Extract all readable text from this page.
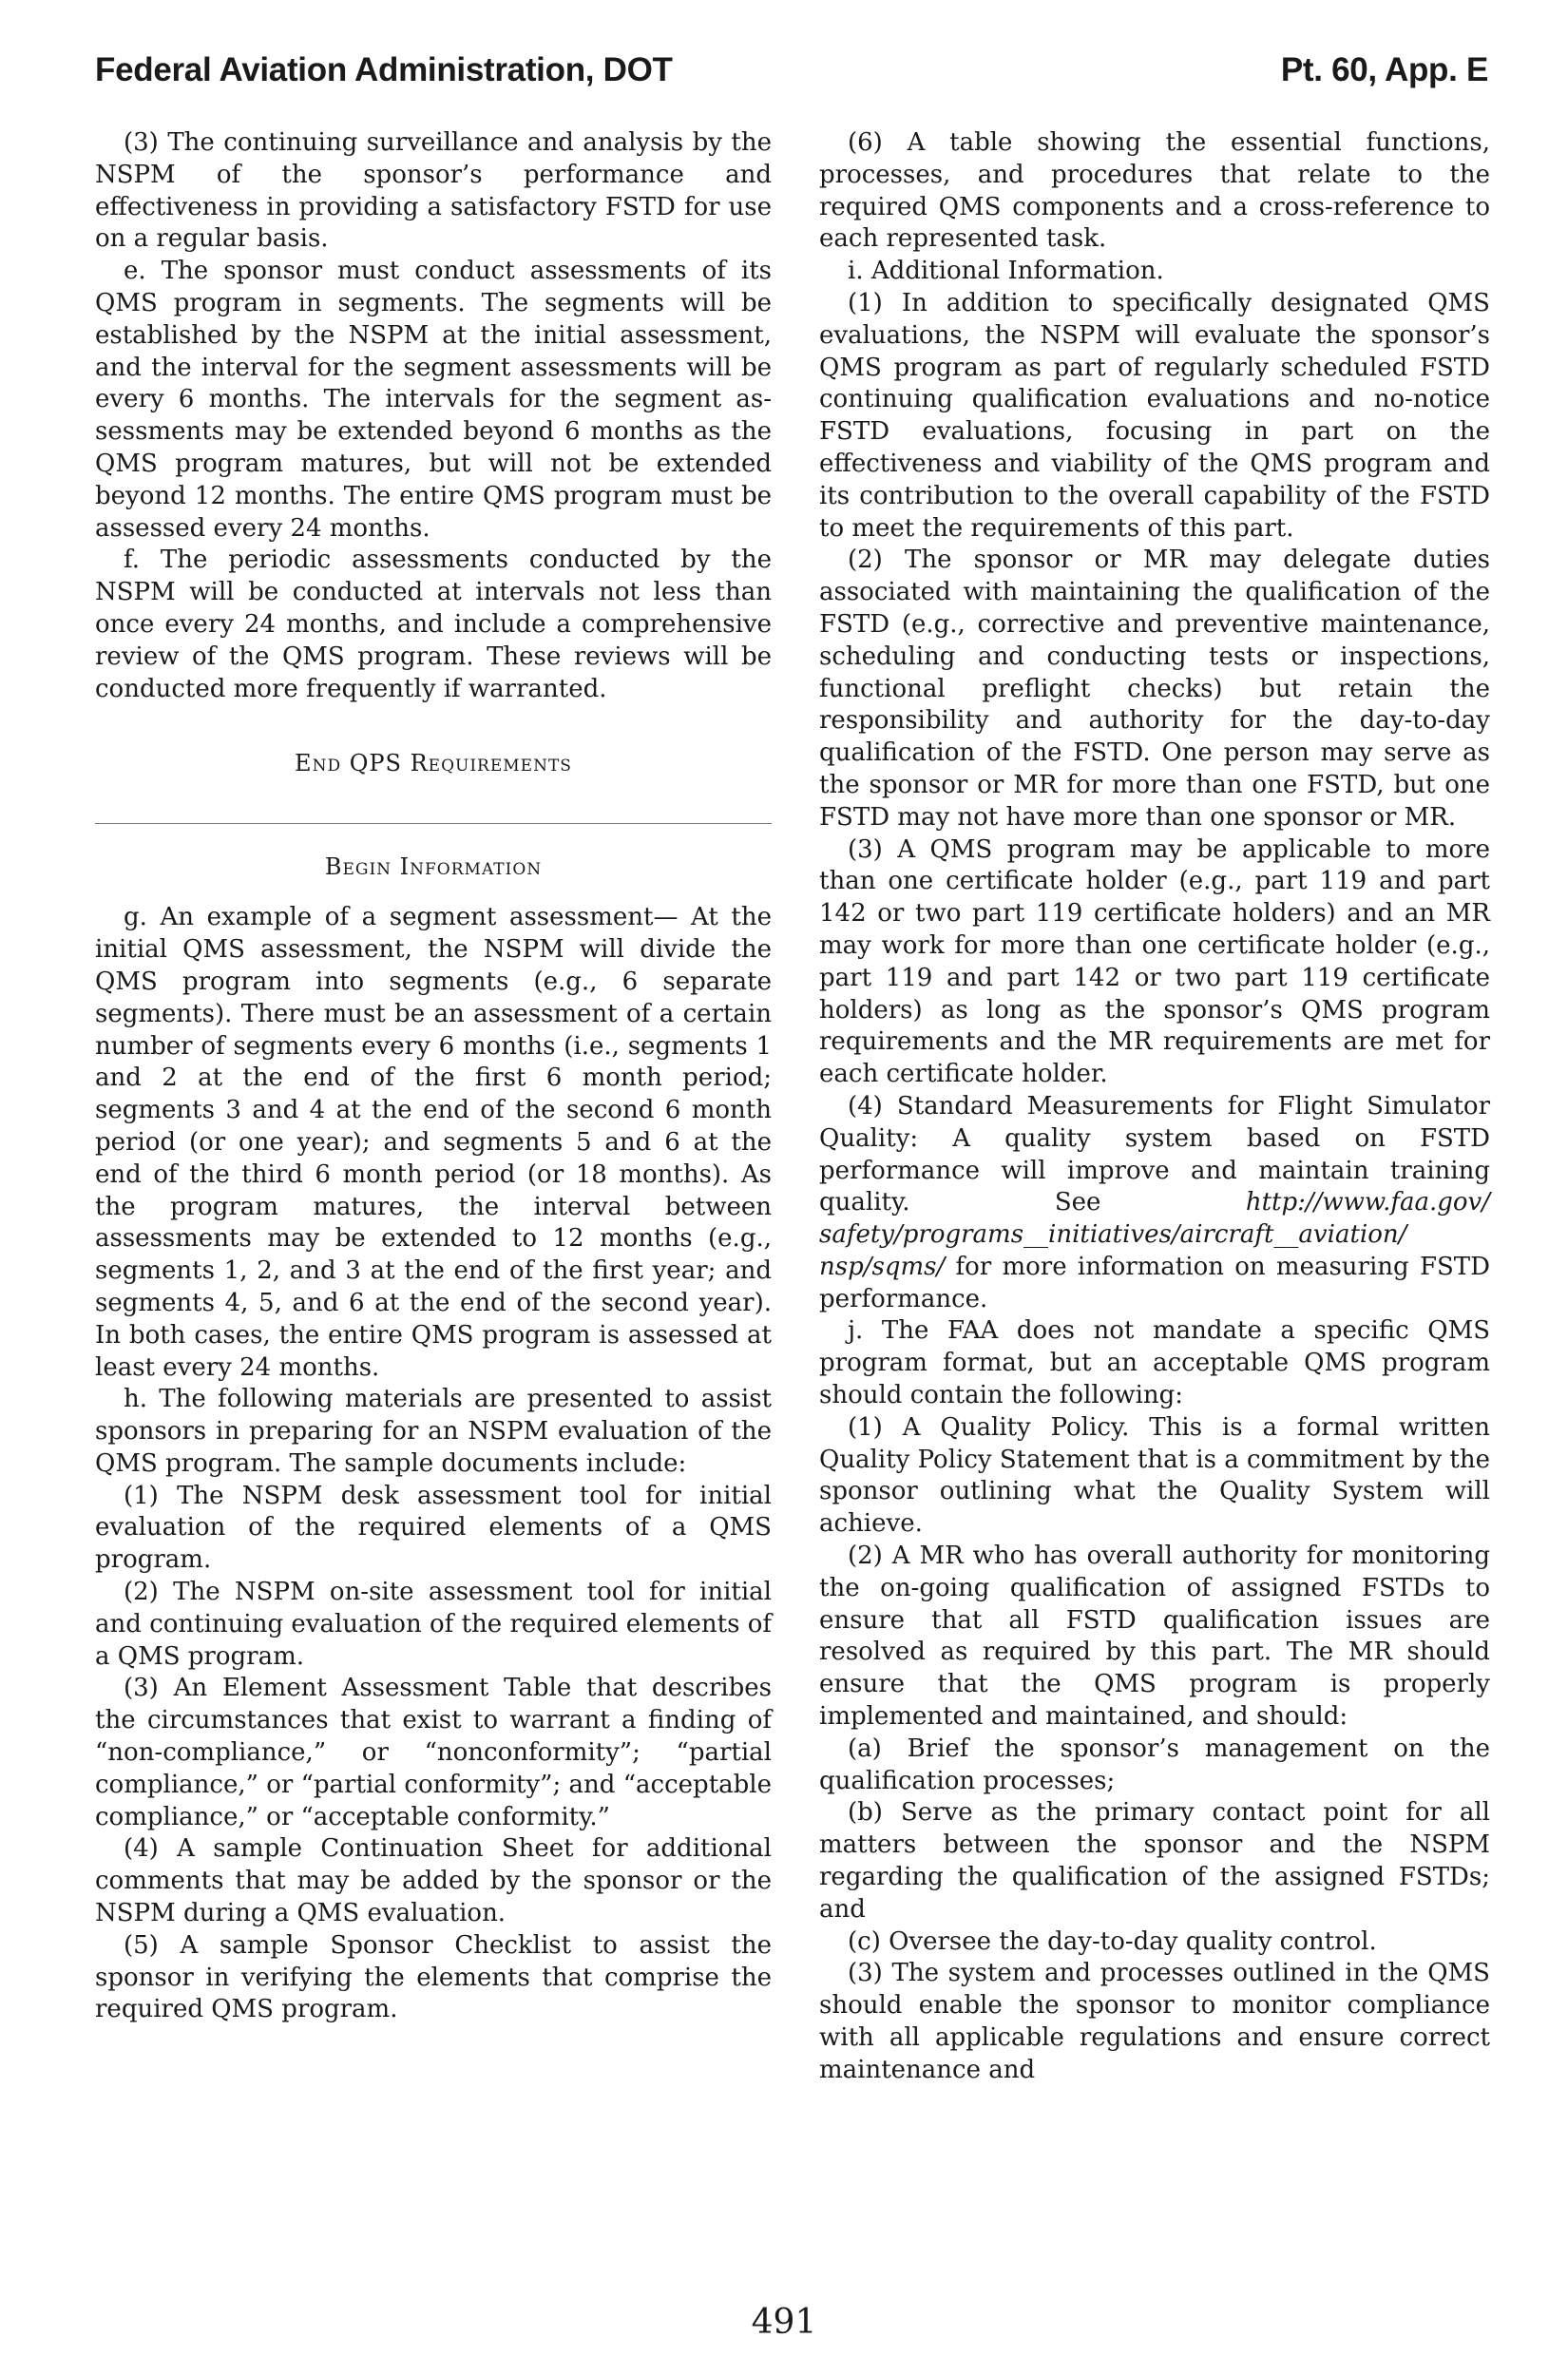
Federal Aviation Administration, DOT	Pt. 60, App. E

(3) The continuing surveillance and analysis by the NSPM of the sponsor’s performance and effectiveness in providing a satisfactory FSTD for use on a regular basis.

e. The sponsor must conduct assessments of its QMS program in segments. The segments will be established by the NSPM at the initial assessment, and the interval for the segment assessments will be every 6 months. The intervals for the segment assessments may be extended beyond 6 months as the QMS program matures, but will not be extended beyond 12 months. The entire QMS program must be assessed every 24 months.

f. The periodic assessments conducted by the NSPM will be conducted at intervals not less than once every 24 months, and include a comprehensive review of the QMS program. These reviews will be conducted more frequently if warranted.

End QPS Requirements
Begin Information

g. An example of a segment assessment— At the initial QMS assessment, the NSPM will divide the QMS program into segments (e.g., 6 separate segments). There must be an assessment of a certain number of segments every 6 months (i.e., segments 1 and 2 at the end of the first 6 month period; segments 3 and 4 at the end of the second 6 month period (or one year); and segments 5 and 6 at the end of the third 6 month period (or 18 months). As the program matures, the interval between assessments may be extended to 12 months (e.g., segments 1, 2, and 3 at the end of the first year; and segments 4, 5, and 6 at the end of the second year). In both cases, the entire QMS program is assessed at least every 24 months.

h. The following materials are presented to assist sponsors in preparing for an NSPM evaluation of the QMS program. The sample documents include:

(1) The NSPM desk assessment tool for initial evaluation of the required elements of a QMS program.

(2) The NSPM on-site assessment tool for initial and continuing evaluation of the required elements of a QMS program.

(3) An Element Assessment Table that describes the circumstances that exist to warrant a finding of “non-compliance,” or “nonconformity”; “partial compliance,” or “partial conformity”; and “acceptable compliance,” or “acceptable conformity.”

(4) A sample Continuation Sheet for additional comments that may be added by the sponsor or the NSPM during a QMS evaluation.

(5) A sample Sponsor Checklist to assist the sponsor in verifying the elements that comprise the required QMS program.

(6) A table showing the essential functions, processes, and procedures that relate to the required QMS components and a cross-reference to each represented task.

i. Additional Information.

(1) In addition to specifically designated QMS evaluations, the NSPM will evaluate the sponsor’s QMS program as part of regularly scheduled FSTD continuing qualification evaluations and no-notice FSTD evaluations, focusing in part on the effectiveness and viability of the QMS program and its contribution to the overall capability of the FSTD to meet the requirements of this part.

(2) The sponsor or MR may delegate duties associated with maintaining the qualification of the FSTD (e.g., corrective and preventive maintenance, scheduling and conducting tests or inspections, functional preflight checks) but retain the responsibility and authority for the day-to-day qualification of the FSTD. One person may serve as the sponsor or MR for more than one FSTD, but one FSTD may not have more than one sponsor or MR.

(3) A QMS program may be applicable to more than one certificate holder (e.g., part 119 and part 142 or two part 119 certificate holders) and an MR may work for more than one certificate holder (e.g., part 119 and part 142 or two part 119 certificate holders) as long as the sponsor’s QMS program requirements and the MR requirements are met for each certificate holder.

(4) Standard Measurements for Flight Simulator Quality: A quality system based on FSTD performance will improve and maintain training quality. See http://www.faa.gov/ safety/programs__initiatives/aircraft__aviation/ nsp/sqms/ for more information on measuring FSTD performance.

j. The FAA does not mandate a specific QMS program format, but an acceptable QMS program should contain the following:

(1) A Quality Policy. This is a formal written Quality Policy Statement that is a commitment by the sponsor outlining what the Quality System will achieve.

(2) A MR who has overall authority for monitoring the on-going qualification of assigned FSTDs to ensure that all FSTD qualification issues are resolved as required by this part. The MR should ensure that the QMS program is properly implemented and maintained, and should:

(a) Brief the sponsor’s management on the qualification processes;

(b) Serve as the primary contact point for all matters between the sponsor and the NSPM regarding the qualification of the assigned FSTDs; and

(c) Oversee the day-to-day quality control.

(3) The system and processes outlined in the QMS should enable the sponsor to monitor compliance with all applicable regulations and ensure correct maintenance and

491
